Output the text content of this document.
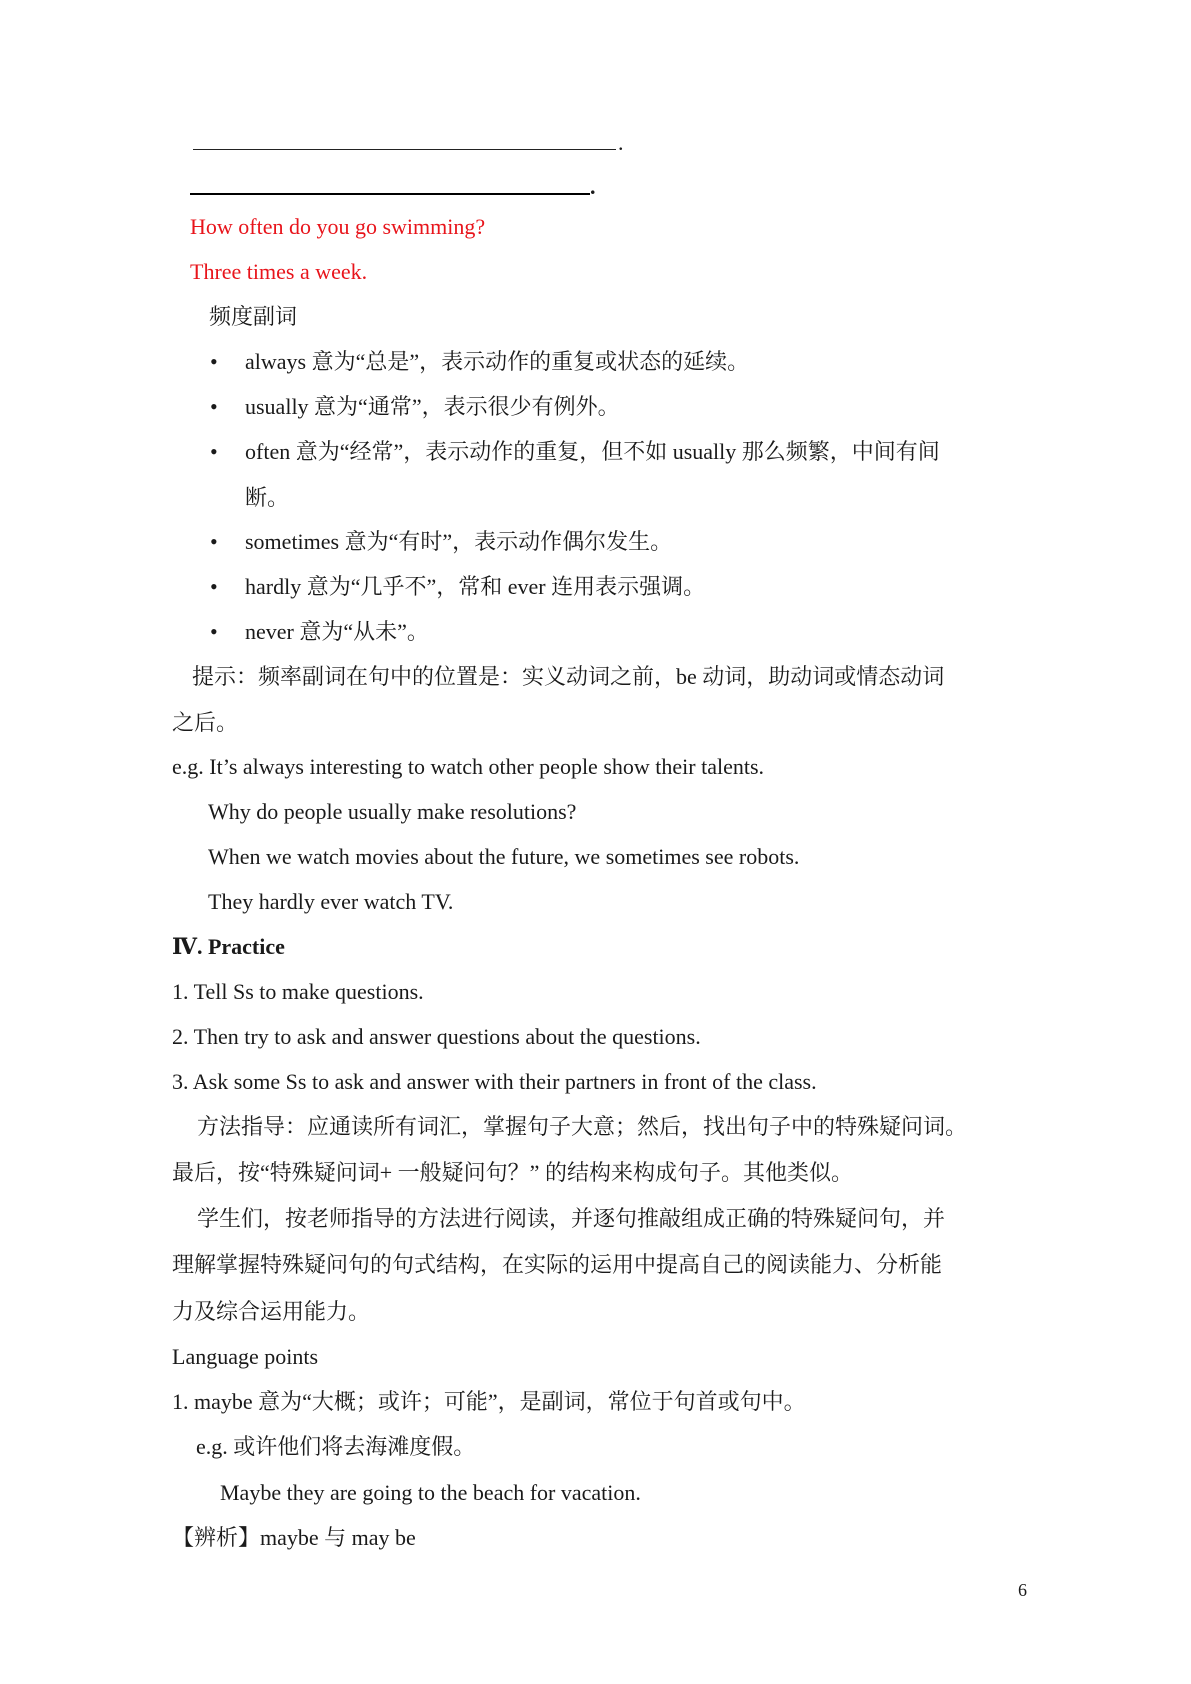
.
.
How often do you go swimming?
Three times a week.
频度副词
• always 意为“总是”，表示动作的重复或状态的延续。
• usually 意为“通常”，表示很少有例外。
• often 意为“经常”，表示动作的重复，但不如 usually 那么频繁，中间有间
断。
• sometimes 意为“有时”，表示动作偶尔发生。
• hardly 意为“几乎不”，常和 ever 连用表示强调。
• never 意为“从未”。
提示：频率副词在句中的位置是：实义动词之前，be 动词，助动词或情态动词
之后。
e.g. It’s always interesting to watch other people show their talents.
Why do people usually make resolutions?
When we watch movies about the future, we sometimes see robots.
They hardly ever watch TV.
Ⅳ. Practice
1. Tell Ss to make questions.
2. Then try to ask and answer questions about the questions.
3. Ask some Ss to ask and answer with their partners in front of the class.
方法指导：应通读所有词汇，掌握句子大意；然后，找出句子中的特殊疑问词。
最后，按“特殊疑问词+ 一般疑问句？” 的结构来构成句子。其他类似。
学生们，按老师指导的方法进行阅读，并逐句推敲组成正确的特殊疑问句，并
理解掌握特殊疑问句的句式结构，在实际的运用中提高自己的阅读能力、分析能
力及综合运用能力。
Language points
1. maybe 意为“大概；或许；可能”，是副词，常位于句首或句中。
e.g. 或许他们将去海滩度假。
Maybe they are going to the beach for vacation.
【辨析】maybe 与 may be
6
